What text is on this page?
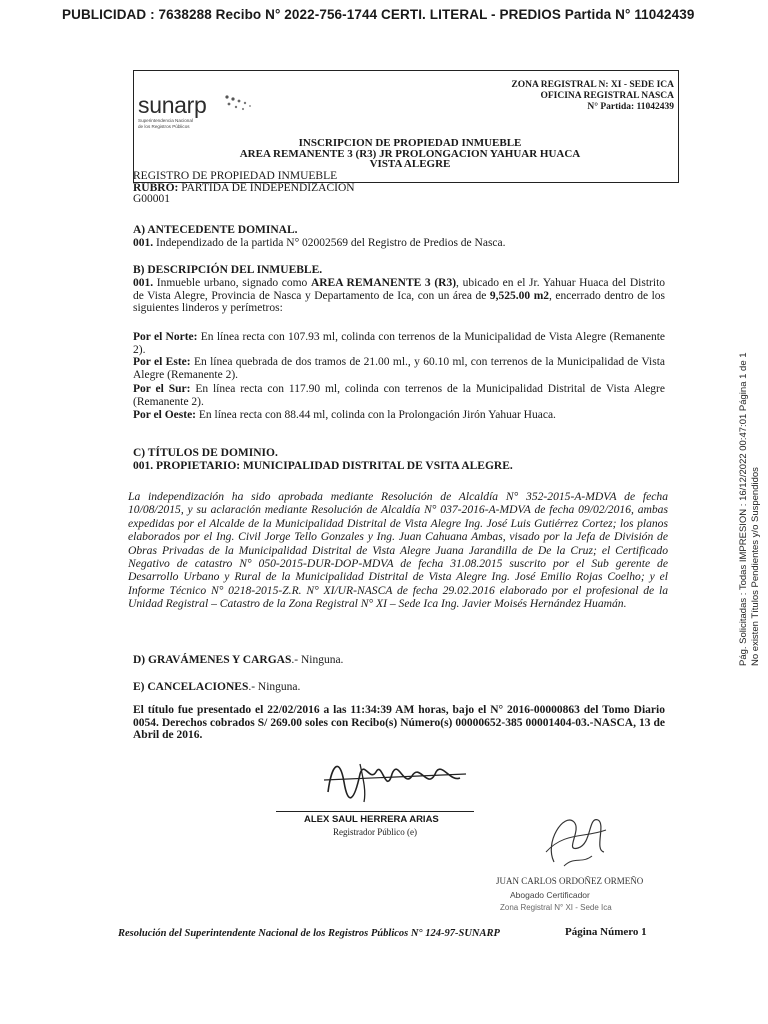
PUBLICIDAD : 7638288 Recibo N° 2022-756-1744 CERTI. LITERAL - PREDIOS Partida N° 11042439
sunarp
Superintendencia Nacional
de los Registros Públicos
ZONA REGISTRAL N: XI - SEDE ICA
OFICINA REGISTRAL NASCA
N° Partida: 11042439
INSCRIPCION DE PROPIEDAD INMUEBLE
AREA REMANENTE 3 (R3) JR PROLONGACION YAHUAR HUACA
VISTA ALEGRE
REGISTRO DE PROPIEDAD INMUEBLE
RUBRO: PARTIDA DE INDEPENDIZACION
G00001
A) ANTECEDENTE DOMINAL.
001. Independizado de la partida N° 02002569 del Registro de Predios de Nasca.
B) DESCRIPCIÓN DEL INMUEBLE.
001. Inmueble urbano, signado como AREA REMANENTE 3 (R3), ubicado en el Jr. Yahuar Huaca del Distrito de Vista Alegre, Provincia de Nasca y Departamento de Ica, con un área de 9,525.00 m2, encerrado dentro de los siguientes linderos y perímetros:
Por el Norte: En línea recta con 107.93 ml, colinda con terrenos de la Municipalidad de Vista Alegre (Remanente 2).
Por el Este: En línea quebrada de dos tramos de 21.00 ml., y 60.10 ml, con terrenos de la Municipalidad de Vista Alegre (Remanente 2).
Por el Sur: En línea recta con 117.90 ml, colinda con terrenos de la Municipalidad Distrital de Vista Alegre (Remanente 2).
Por el Oeste: En línea recta con 88.44 ml, colinda con la Prolongación Jirón Yahuar Huaca.
C) TÍTULOS DE DOMINIO.
001. PROPIETARIO: MUNICIPALIDAD DISTRITAL DE VSITA ALEGRE.
La independización ha sido aprobada mediante Resolución de Alcaldía N° 352-2015-A-MDVA de fecha 10/08/2015, y su aclaración mediante Resolución de Alcaldía N° 037-2016-A-MDVA de fecha 09/02/2016, ambas expedidas por el Alcalde de la Municipalidad Distrital de Vista Alegre Ing. José Luis Gutiérrez Cortez; los planos elaborados por el Ing. Civil Jorge Tello Gonzales y Ing. Juan Cahuana Ambas, visado por la Jefa de División de Obras Privadas de la Municipalidad Distrital de Vista Alegre Juana Jarandilla de De la Cruz; el Certificado Negativo de catastro N° 050-2015-DUR-DOP-MDVA de fecha 31.08.2015 suscrito por el Sub gerente de Desarrollo Urbano y Rural de la Municipalidad Distrital de Vista Alegre Ing. José Emilio Rojas Coelho; y el Informe Técnico N° 0218-2015-Z.R. N° XI/UR-NASCA de fecha 29.02.2016 elaborado por el profesional de la Unidad Registral – Catastro de la Zona Registral N° XI – Sede Ica Ing. Javier Moisés Hernández Huamán.
D) GRAVÁMENES Y CARGAS.- Ninguna.
E) CANCELACIONES.- Ninguna.
El título fue presentado el 22/02/2016 a las 11:34:39 AM horas, bajo el N° 2016-00000863 del Tomo Diario 0054. Derechos cobrados S/ 269.00 soles con Recibo(s) Número(s) 00000652-385 00001404-03.-NASCA, 13 de Abril de 2016.
ALEX SAUL HERRERA ARIAS
Registrador Público (e)
JUAN CARLOS ORDOÑEZ ORMEÑO
Abogado Certificador
Zona Registral N° XI - Sede Ica
Pág. Solicitadas : Todas IMPRESION : 16/12/2022 00:47:01 Página 1 de 1 No existen Títulos Pendientes y/o Suspendidos
Resolución del Superintendente Nacional de los Registros Públicos N° 124-97-SUNARP	Página Número 1
